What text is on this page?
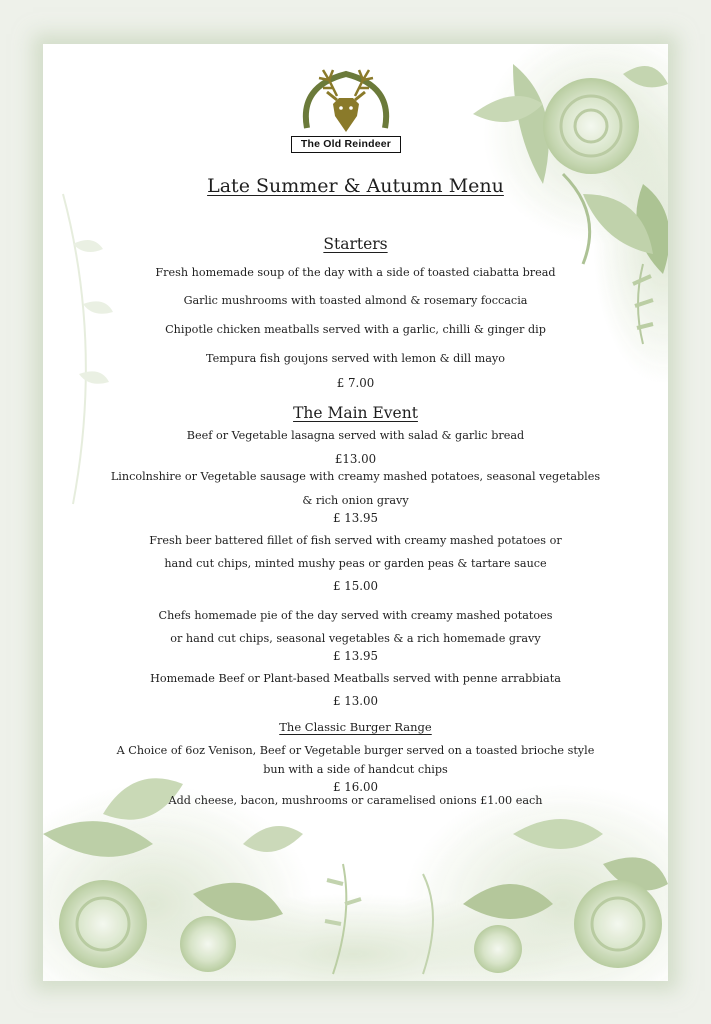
The Old Reindeer
Late Summer & Autumn Menu
Starters
Fresh homemade soup of the day with a side of toasted ciabatta bread
Garlic mushrooms with toasted almond & rosemary foccacia
Chipotle chicken meatballs served with a garlic, chilli & ginger dip
Tempura fish goujons served with lemon & dill mayo
£ 7.00
The Main Event
Beef or Vegetable lasagna served with salad & garlic bread
£13.00
Lincolnshire or Vegetable sausage with creamy mashed potatoes, seasonal vegetables
& rich onion gravy
£ 13.95
Fresh beer battered fillet of fish served with creamy mashed potatoes or
hand cut chips, minted mushy peas or garden peas & tartare sauce
£ 15.00
Chefs homemade pie of the day served with creamy mashed potatoes
or hand cut chips, seasonal vegetables & a rich homemade gravy
£ 13.95
Homemade Beef or Plant-based Meatballs served with penne arrabbiata
£ 13.00
The Classic Burger Range
A Choice of 6oz Venison, Beef or Vegetable burger served on a toasted brioche style
bun with a side of handcut chips
£ 16.00
Add cheese, bacon, mushrooms or caramelised onions £1.00 each
